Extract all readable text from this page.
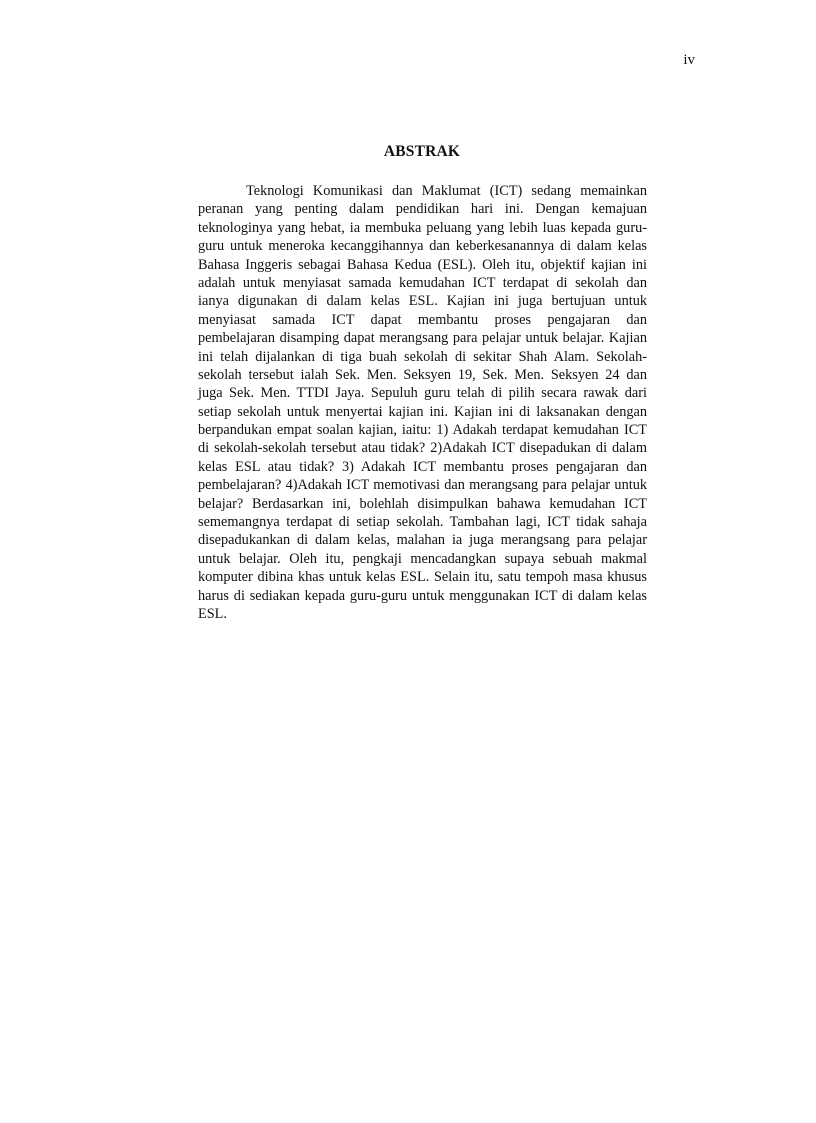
iv
ABSTRAK
Teknologi Komunikasi dan Maklumat (ICT) sedang memainkan
peranan yang penting dalam pendidikan hari ini. Dengan kemajuan
teknologinya yang hebat, ia membuka peluang yang lebih luas kepada guru-
guru untuk meneroka kecanggihannya dan keberkesanannya di dalam kelas
Bahasa Inggeris sebagai Bahasa Kedua (ESL). Oleh itu, objektif kajian ini
adalah untuk menyiasat samada kemudahan ICT terdapat di sekolah dan
ianya digunakan di dalam kelas ESL. Kajian ini juga bertujuan untuk
menyiasat samada ICT dapat membantu proses pengajaran dan
pembelajaran disamping dapat merangsang para pelajar untuk belajar. Kajian
ini telah dijalankan di tiga buah sekolah di sekitar Shah Alam. Sekolah-
sekolah tersebut ialah Sek. Men. Seksyen 19, Sek. Men. Seksyen 24 dan
juga Sek. Men. TTDI Jaya. Sepuluh guru telah di pilih secara rawak dari
setiap sekolah untuk menyertai kajian ini. Kajian ini di laksanakan dengan
berpandukan empat soalan kajian, iaitu: 1) Adakah terdapat kemudahan ICT
di sekolah-sekolah tersebut atau tidak? 2)Adakah ICT disepadukan di dalam
kelas ESL atau tidak? 3) Adakah ICT membantu proses pengajaran dan
pembelajaran? 4)Adakah ICT memotivasi dan merangsang para pelajar untuk
belajar? Berdasarkan ini, bolehlah disimpulkan bahawa kemudahan ICT
sememangnya terdapat di setiap sekolah. Tambahan lagi, ICT tidak sahaja
disepadukankan di dalam kelas, malahan ia juga merangsang para pelajar
untuk belajar. Oleh itu, pengkaji mencadangkan supaya sebuah makmal
komputer dibina khas untuk kelas ESL. Selain itu, satu tempoh masa khusus
harus di sediakan kepada guru-guru untuk menggunakan ICT di dalam kelas
ESL.
